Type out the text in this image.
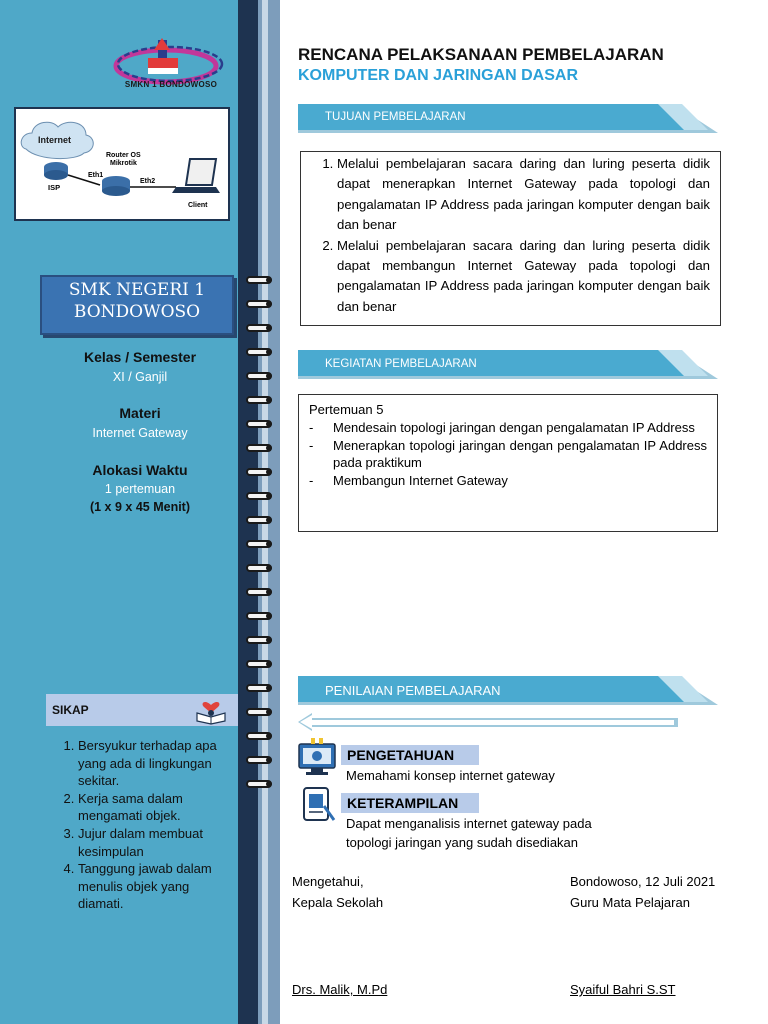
SMKN 1 BONDOWOSO
Internet
ISP
Eth1
Router OS
Mikrotik
Eth2
Client
SMK NEGERI 1
BONDOWOSO
Kelas / Semester
XI / Ganjil
Materi
Internet Gateway
Alokasi Waktu
1 pertemuan
(1 x 9 x 45 Menit)
SIKAP
1. Bersyukur terhadap apa yang ada di lingkungan sekitar.
2. Kerja sama dalam mengamati objek.
3. Jujur dalam membuat kesimpulan
4. Tanggung jawab dalam menulis objek yang diamati.
RENCANA PELAKSANAAN PEMBELAJARAN
KOMPUTER DAN JARINGAN DASAR
TUJUAN PEMBELAJARAN
1. Melalui pembelajaran sacara daring dan luring peserta didik dapat menerapkan Internet Gateway pada topologi dan pengalamatan IP Address pada jaringan komputer dengan baik dan benar
2. Melalui pembelajaran sacara daring dan luring peserta didik dapat membangun Internet Gateway pada topologi dan pengalamatan IP Address pada jaringan komputer dengan baik dan benar
KEGIATAN PEMBELAJARAN
Pertemuan 5
- Mendesain topologi jaringan dengan pengalamatan IP Address
- Menerapkan topologi jaringan dengan pengalamatan IP Address pada praktikum
- Membangun Internet Gateway
PENILAIAN PEMBELAJARAN
PENGETAHUAN
Memahami konsep internet gateway
KETERAMPILAN
Dapat menganalisis internet gateway pada
topologi jaringan yang sudah disediakan
Mengetahui,
Kepala Sekolah
Bondowoso, 12 Juli 2021
Guru Mata Pelajaran
Drs. Malik, M.Pd	Syaiful Bahri S.ST
